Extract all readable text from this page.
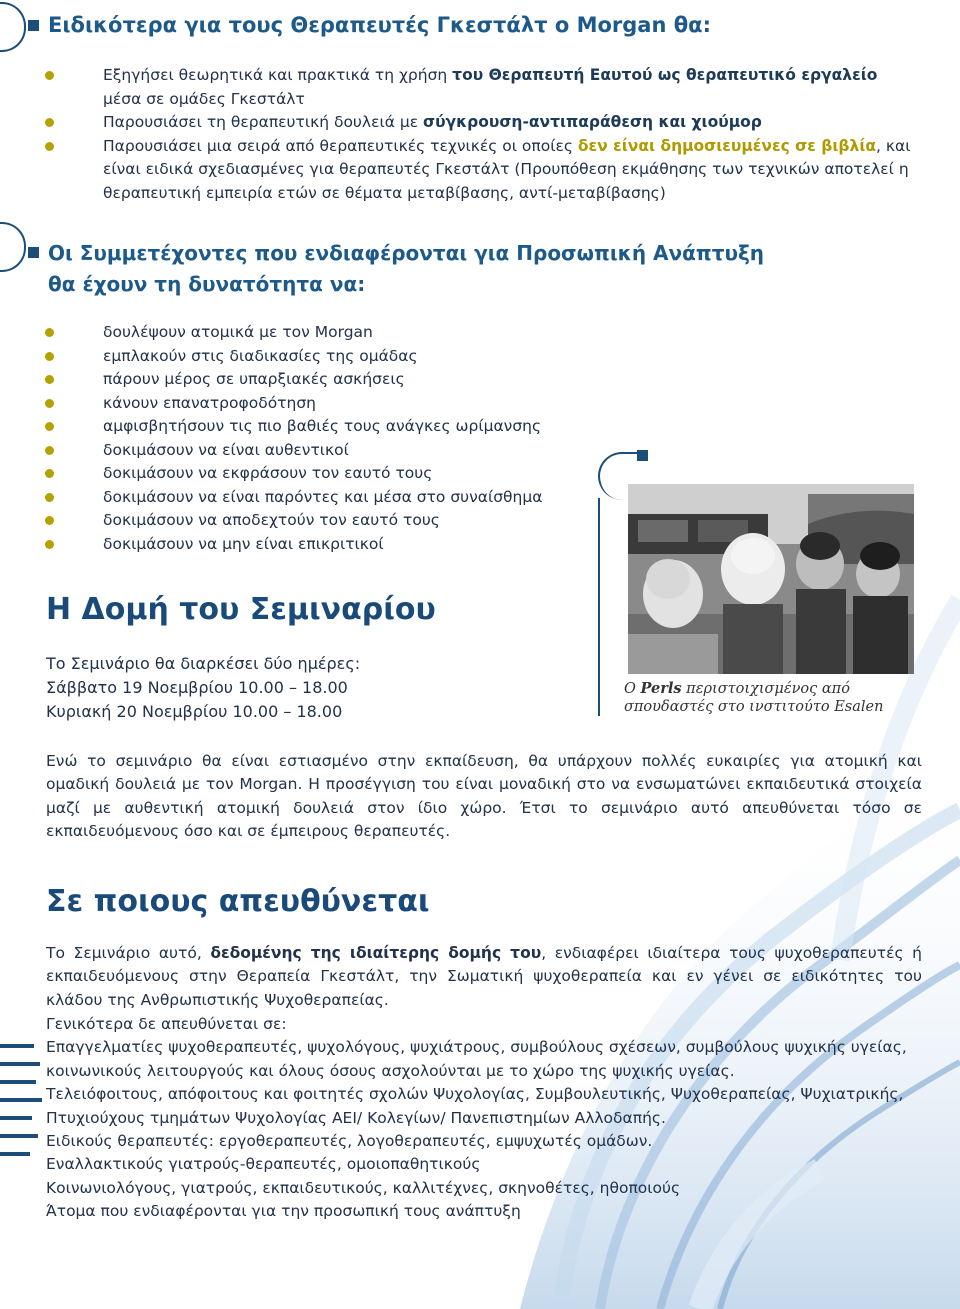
Ειδικότερα για τους Θεραπευτές Γκεστάλτ ο Morgan θα:
Εξηγήσει θεωρητικά και πρακτικά τη χρήση του Θεραπευτή Εαυτού ως θεραπευτικό εργαλείο μέσα σε ομάδες Γκεστάλτ
Παρουσιάσει τη θεραπευτική δουλειά με σύγκρουση-αντιπαράθεση και χιούμορ
Παρουσιάσει μια σειρά από θεραπευτικές τεχνικές οι οποίες δεν είναι δημοσιευμένες σε βιβλία, και είναι ειδικά σχεδιασμένες για θεραπευτές Γκεστάλτ (Προυπόθεση εκμάθησης των τεχνικών αποτελεί η θεραπευτική εμπειρία ετών σε θέματα μεταβίβασης, αντί-μεταβίβασης)
Οι Συμμετέχοντες που ενδιαφέρονται για Προσωπική Ανάπτυξη
θα έχουν τη δυνατότητα να:
δουλέψουν ατομικά με τον Morgan
εμπλακούν στις διαδικασίες της ομάδας
πάρουν μέρος σε υπαρξιακές ασκήσεις
κάνουν επανατροφοδότηση
αμφισβητήσουν τις πιο βαθιές τους ανάγκες ωρίμανσης
δοκιμάσουν να είναι αυθεντικοί
δοκιμάσουν να εκφράσουν τον εαυτό τους
δοκιμάσουν να είναι παρόντες και μέσα στο συναίσθημα
δοκιμάσουν να αποδεχτούν τον εαυτό τους
δοκιμάσουν να μην είναι επικριτικοί
O Perls περιστοιχισμένος από σπουδαστές στο ινστιτούτο Esalen
Η Δομή του Σεμιναρίου
Το Σεμινάριο θα διαρκέσει δύο ημέρες:
Σάββατο 19 Νοεμβρίου 10.00 – 18.00
Κυριακή 20 Νοεμβρίου 10.00 – 18.00

Ενώ το σεμινάριο θα είναι εστιασμένο στην εκπαίδευση, θα υπάρχουν πολλές ευκαιρίες για ατομική και ομαδική δουλειά με τον Morgan. Η προσέγγιση του είναι μοναδική στο να ενσωματώνει εκπαιδευτικά στοιχεία μαζί με αυθεντική ατομική δουλειά στον ίδιο χώρο. Έτσι το σεμινάριο αυτό απευθύνεται τόσο σε εκπαιδευόμενους όσο και σε έμπειρους θεραπευτές.

Σε ποιους απευθύνεται

Το Σεμινάριο αυτό, δεδομένης της ιδιαίτερης δομής του, ενδιαφέρει ιδιαίτερα τους ψυχοθεραπευτές ή εκπαιδευόμενους στην Θεραπεία Γκεστάλτ, την Σωματική ψυχοθεραπεία και εν γένει σε ειδικότητες του κλάδου της Ανθρωπιστικής Ψυχοθεραπείας.

Γενικότερα δε απευθύνεται σε:
Επαγγελματίες ψυχοθεραπευτές, ψυχολόγους, ψυχιάτρους, συμβούλους σχέσεων, συμβούλους ψυχικής υγείας,
κοινωνικούς λειτουργούς και όλους όσους ασχολούνται με το χώρο της ψυχικής υγείας.
Τελειόφοιτους, απόφοιτους και φοιτητές σχολών Ψυχολογίας, Συμβουλευτικής, Ψυχοθεραπείας, Ψυχιατρικής,
Πτυχιούχους τμημάτων Ψυχολογίας ΑΕΙ/ Κολεγίων/ Πανεπιστημίων Αλλοδαπής.
Ειδικούς θεραπευτές: εργοθεραπευτές, λογοθεραπευτές, εμψυχωτές ομάδων.
Εναλλακτικούς γιατρούς-θεραπευτές, ομοιοπαθητικούς
Κοινωνιολόγους, γιατρούς, εκπαιδευτικούς, καλλιτέχνες, σκηνοθέτες, ηθοποιούς
Άτομα που ενδιαφέρονται για την προσωπική τους ανάπτυξη
